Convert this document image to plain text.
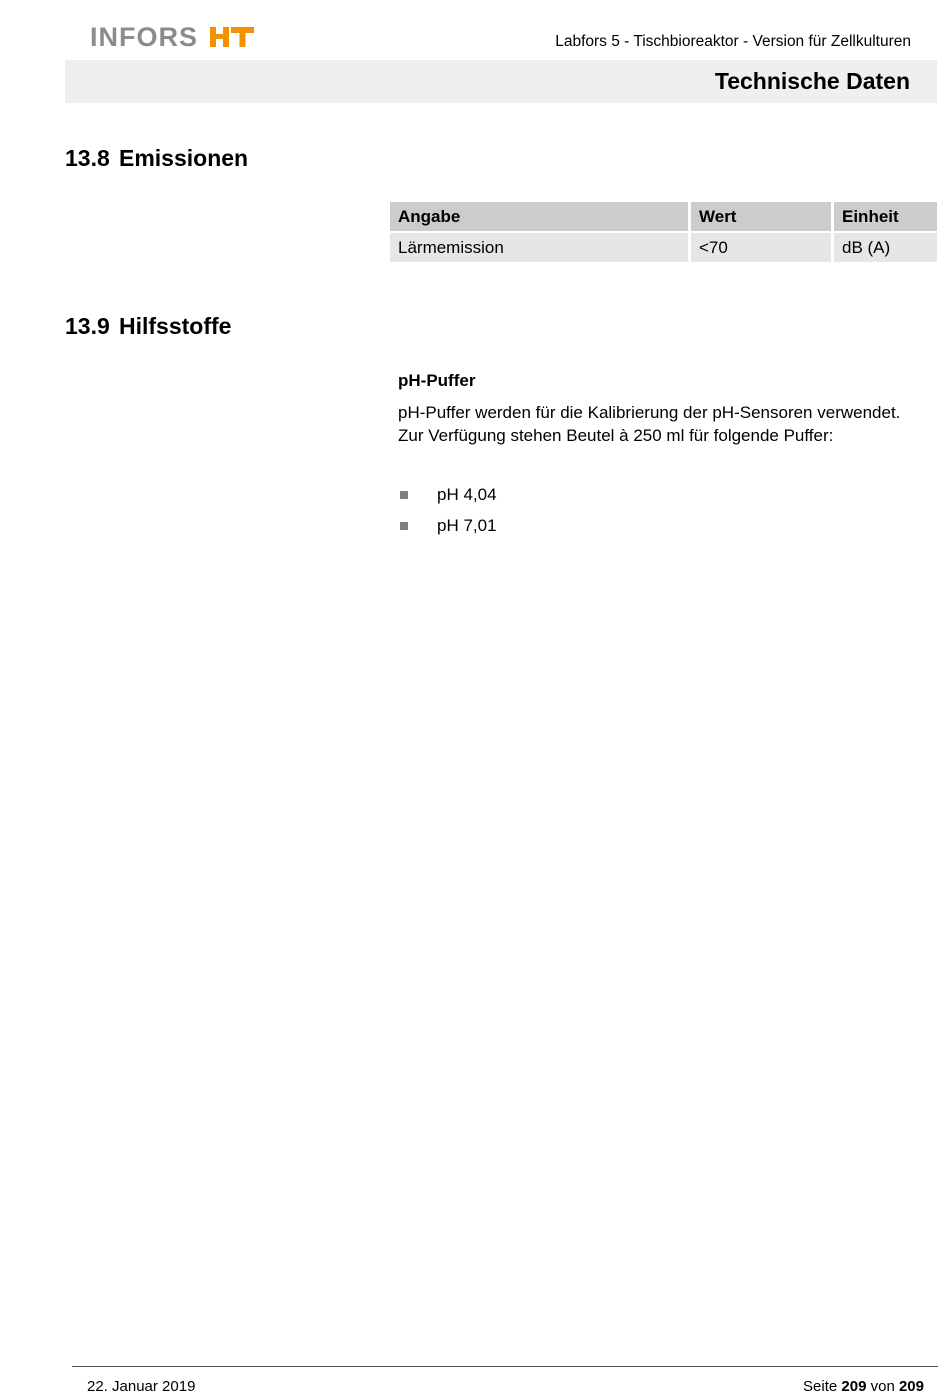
INFORS	Labfors 5 - Tischbioreaktor - Version für Zellkulturen
Technische Daten
13.8 Emissionen
Angabe	Wert	Einheit
Lärmemission	<70	dB (A)
13.9 Hilfsstoffe
pH-Puffer
pH-Puffer werden für die Kalibrierung der pH-Sensoren verwendet.
Zur Verfügung stehen Beutel à 250 ml für folgende Puffer:
pH 4,04
pH 7,01
22. Januar 2019	Seite 209 von 209
